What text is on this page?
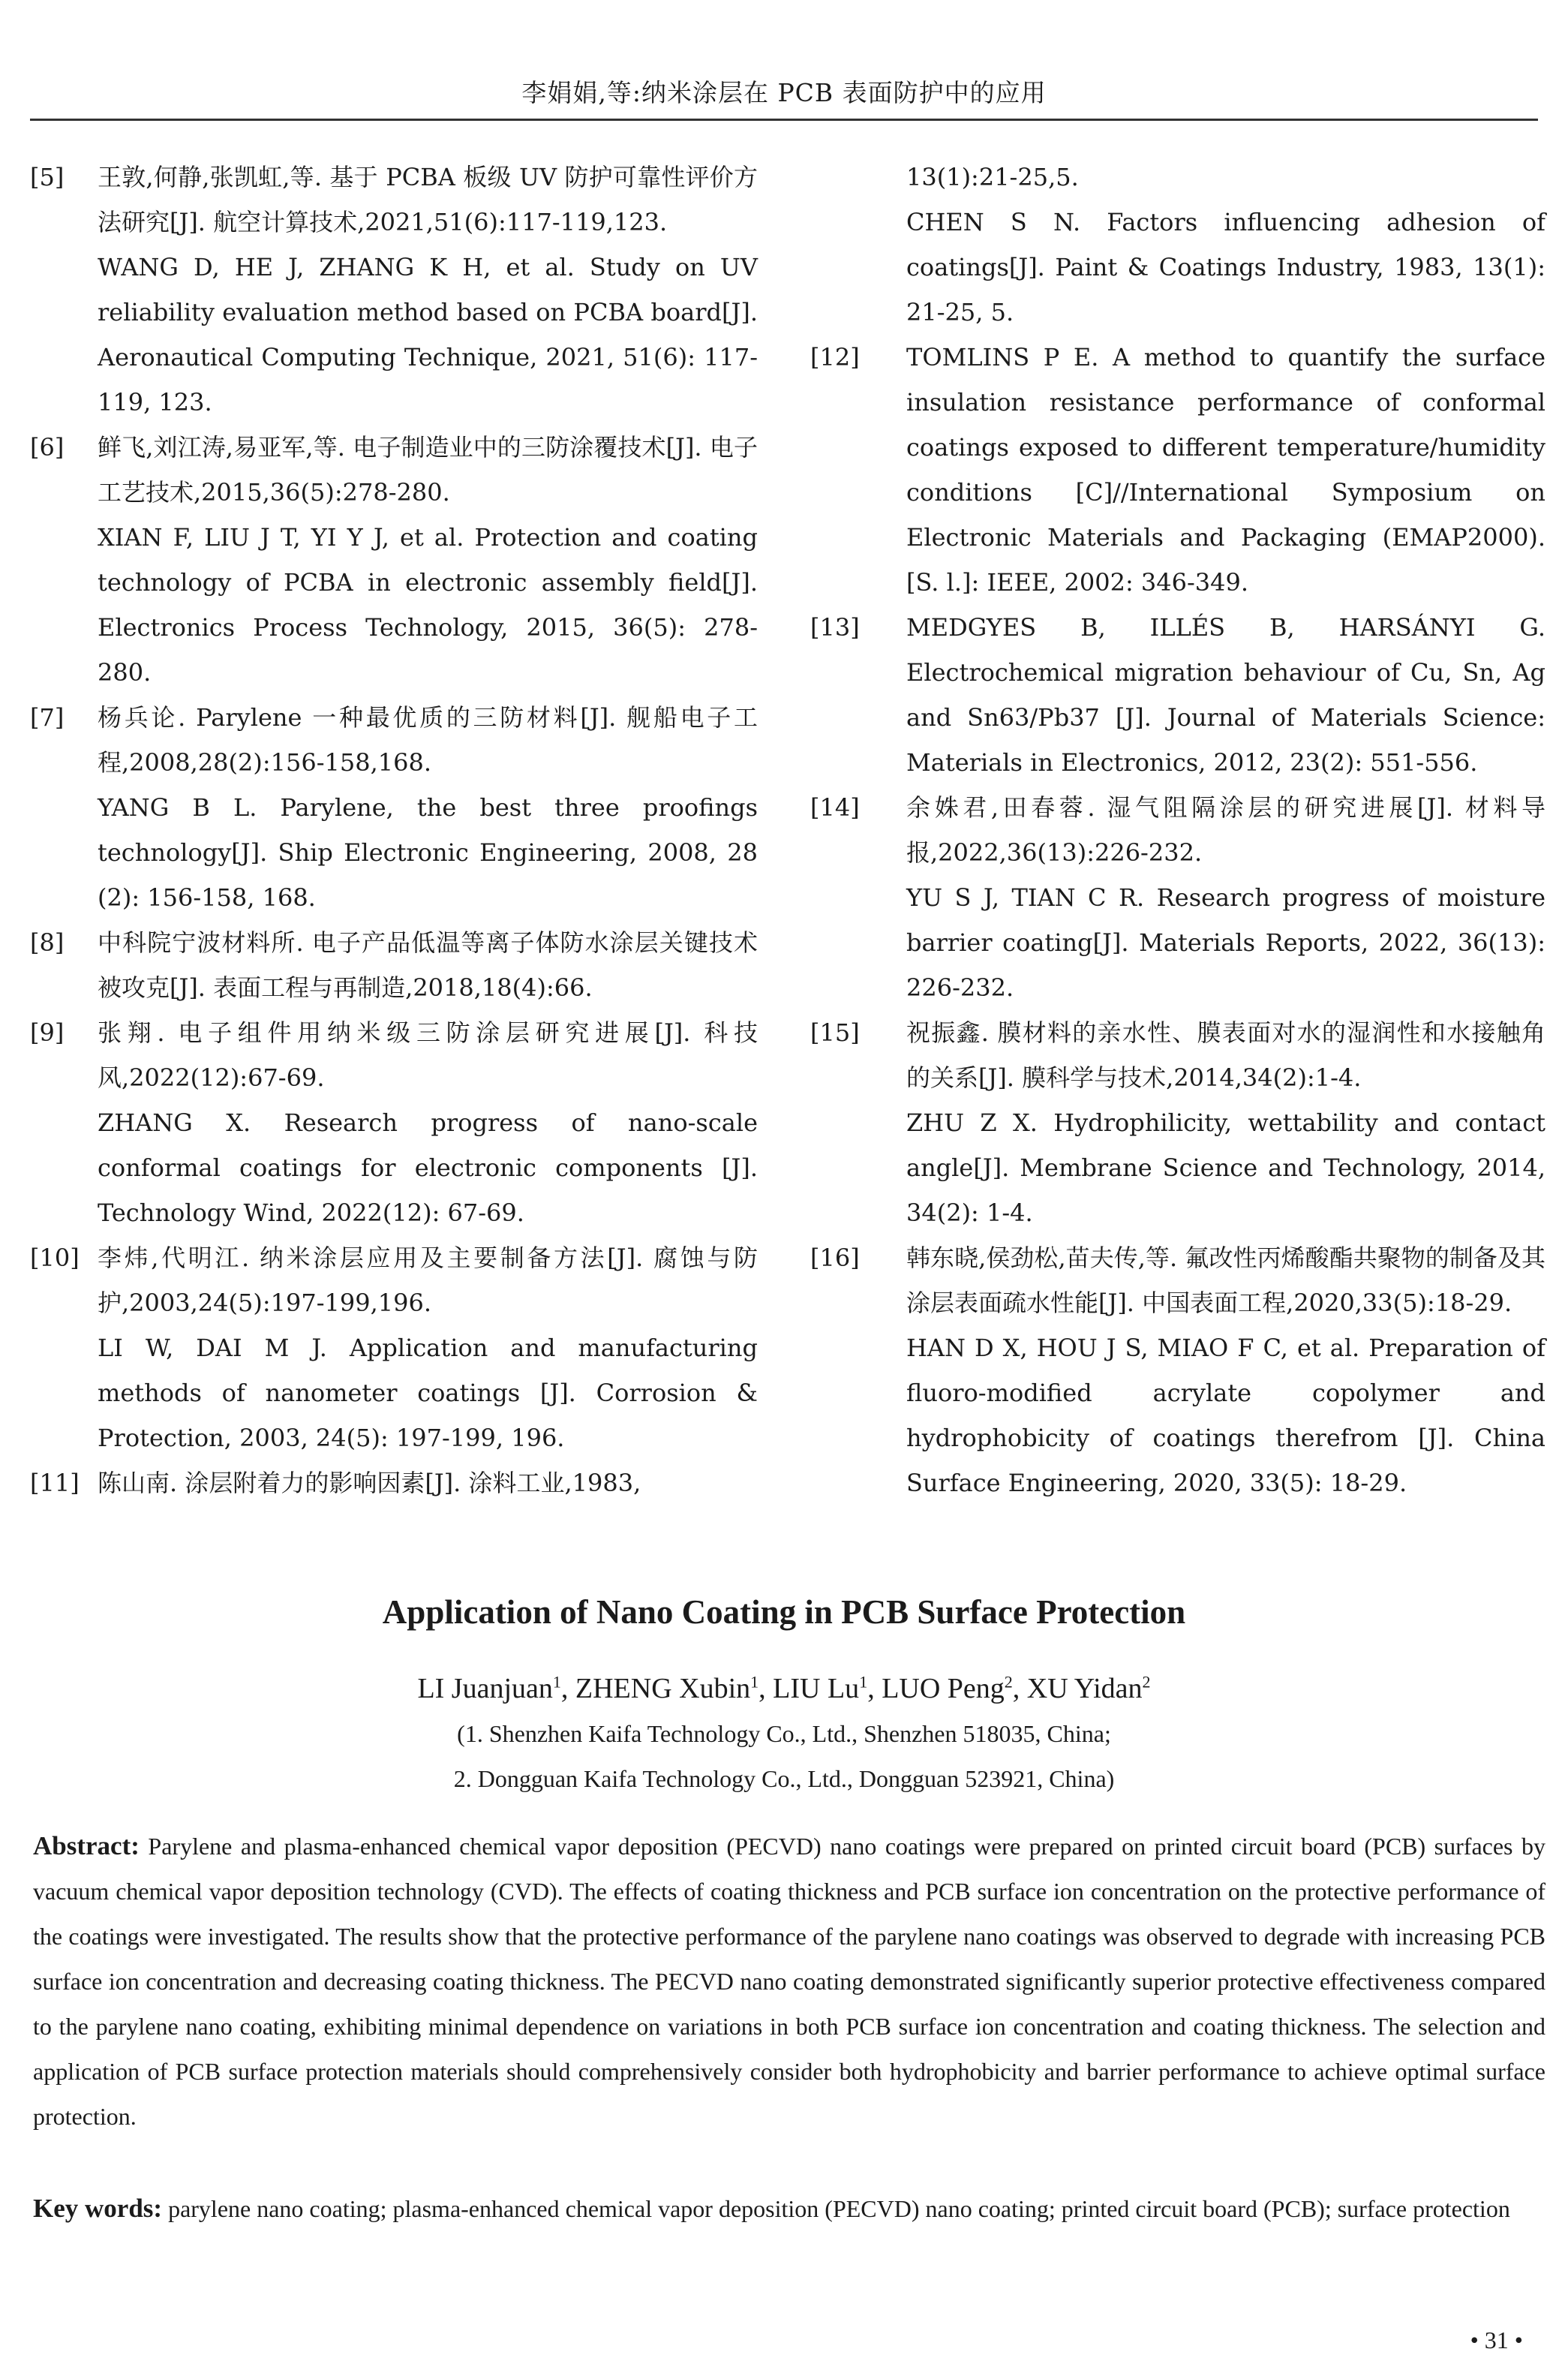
李娟娟,等:纳米涂层在 PCB 表面防护中的应用
[5] 王敦,何静,张凯虹,等. 基于 PCBA 板级 UV 防护可靠性评价方法研究[J]. 航空计算技术,2021,51(6):117-119,123.
WANG D, HE J, ZHANG K H, et al. Study on UV reliability evaluation method based on PCBA board[J]. Aeronautical Computing Technique, 2021, 51(6): 117-119, 123.
[6] 鲜飞,刘江涛,易亚军,等. 电子制造业中的三防涂覆技术[J]. 电子工艺技术,2015,36(5):278-280.
XIAN F, LIU J T, YI Y J, et al. Protection and coating technology of PCBA in electronic assembly field[J]. Electronics Process Technology, 2015, 36(5): 278-280.
[7] 杨兵论. Parylene 一种最优质的三防材料[J]. 舰船电子工程,2008,28(2):156-158,168.
YANG B L. Parylene, the best three proofings technology[J]. Ship Electronic Engineering, 2008, 28 (2): 156-158, 168.
[8] 中科院宁波材料所. 电子产品低温等离子体防水涂层关键技术被攻克[J]. 表面工程与再制造,2018,18(4):66.
[9] 张翔. 电子组件用纳米级三防涂层研究进展[J]. 科技风,2022(12):67-69.
ZHANG X. Research progress of nano-scale conformal coatings for electronic components [J]. Technology Wind, 2022(12): 67-69.
[10] 李炜,代明江. 纳米涂层应用及主要制备方法[J]. 腐蚀与防护,2003,24(5):197-199,196.
LI W, DAI M J. Application and manufacturing methods of nanometer coatings [J]. Corrosion & Protection, 2003, 24(5): 197-199, 196.
[11] 陈山南. 涂层附着力的影响因素[J]. 涂料工业,1983,
13(1):21-25,5.
CHEN S N. Factors influencing adhesion of coatings[J]. Paint & Coatings Industry, 1983, 13(1): 21-25, 5.
[12] TOMLINS P E. A method to quantify the surface insulation resistance performance of conformal coatings exposed to different temperature/humidity conditions [C]//International Symposium on Electronic Materials and Packaging (EMAP2000). [S. l.]: IEEE, 2002: 346-349.
[13] MEDGYES B, ILLÉS B, HARSÁNYI G. Electrochemical migration behaviour of Cu, Sn, Ag and Sn63/Pb37 [J]. Journal of Materials Science: Materials in Electronics, 2012, 23(2): 551-556.
[14] 余姝君,田春蓉. 湿气阻隔涂层的研究进展[J]. 材料导报,2022,36(13):226-232.
YU S J, TIAN C R. Research progress of moisture barrier coating[J]. Materials Reports, 2022, 36(13): 226-232.
[15] 祝振鑫. 膜材料的亲水性、膜表面对水的湿润性和水接触角的关系[J]. 膜科学与技术,2014,34(2):1-4.
ZHU Z X. Hydrophilicity, wettability and contact angle[J]. Membrane Science and Technology, 2014, 34(2): 1-4.
[16] 韩东晓,侯劲松,苗夫传,等. 氟改性丙烯酸酯共聚物的制备及其涂层表面疏水性能[J]. 中国表面工程,2020,33(5):18-29.
HAN D X, HOU J S, MIAO F C, et al. Preparation of fluoro-modified acrylate copolymer and hydrophobicity of coatings therefrom [J]. China Surface Engineering, 2020, 33(5): 18-29.
Application of Nano Coating in PCB Surface Protection
LI Juanjuan$^1$, ZHENG Xubin$^1$, LIU Lu$^1$, LUO Peng$^2$, XU Yidan$^2$
(1. Shenzhen Kaifa Technology Co., Ltd., Shenzhen 518035, China;
2. Dongguan Kaifa Technology Co., Ltd., Dongguan 523921, China)
Abstract: Parylene and plasma-enhanced chemical vapor deposition (PECVD) nano coatings were prepared on printed circuit board (PCB) surfaces by vacuum chemical vapor deposition technology (CVD). The effects of coating thickness and PCB surface ion concentration on the protective performance of the coatings were investigated. The results show that the protective performance of the parylene nano coatings was observed to degrade with increasing PCB surface ion concentration and decreasing coating thickness. The PECVD nano coating demonstrated significantly superior protective effectiveness compared to the parylene nano coating, exhibiting minimal dependence on variations in both PCB surface ion concentration and coating thickness. The selection and application of PCB surface protection materials should comprehensively consider both hydrophobicity and barrier performance to achieve optimal surface protection.
Key words: parylene nano coating; plasma-enhanced chemical vapor deposition (PECVD) nano coating; printed circuit board (PCB); surface protection
• 31 •
